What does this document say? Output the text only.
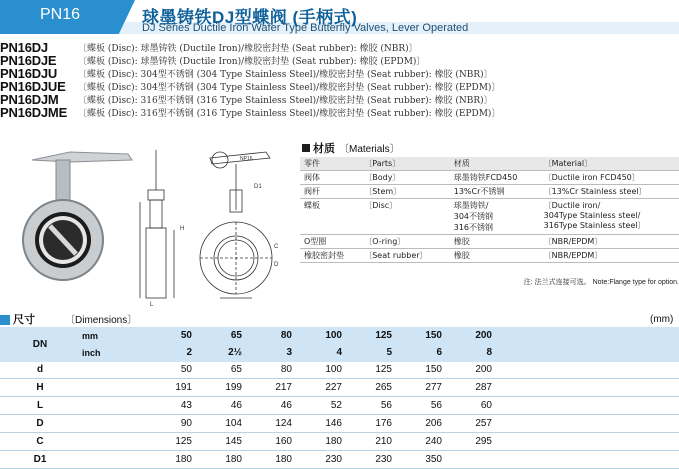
PN16	球墨铸铁DJ型蝶阀 (手柄式)
DJ Series Ductile Iron Wafer Type Butterfly Valves, Lever Operated
PN16DJ	〔蝶板 (Disc): 球墨铸铁 (Ductile Iron)/橡胶密封垫 (Seat rubber): 橡胶 (NBR)〕
PN16DJE 〔蝶板 (Disc): 球墨铸铁 (Ductile Iron)/橡胶密封垫 (Seat rubber): 橡胶 (EPDM)〕
PN16DJU 〔蝶板 (Disc): 304型不锈钢 (304 Type Stainless Steel)/橡胶密封垫 (Seat rubber): 橡胶 (NBR)〕
PN16DJUE 〔蝶板 (Disc): 304型不锈钢 (304 Type Stainless Steel)/橡胶密封垫 (Seat rubber): 橡胶 (EPDM)〕
PN16DJM 〔蝶板 (Disc): 316型不锈钢 (316 Type Stainless Steel)/橡胶密封垫 (Seat rubber): 橡胶 (NBR)〕
PN16DJME 〔蝶板 (Disc): 316型不锈钢 (316 Type Stainless Steel)/橡胶密封垫 (Seat rubber): 橡胶 (EPDM)〕
NP16
D1
H
L
C
D
材质 〔Materials〕
零件	〔Parts〕	材质	〔Material〕
阀体	〔Body〕	球墨铸铁FCD450	〔Ductile iron FCD450〕
阀杆	〔Stem〕	13%Cr不锈钢	〔13%Cr Stainless steel〕
蝶板	〔Disc〕	球墨铸铁/
304不锈钢
316不锈钢	〔Ductile iron/
304Type Stainless steel/
316Type Stainless steel〕
O型圈	〔O-ring〕	橡胶	〔NBR/EPDM〕
橡胶密封垫	〔Seat rubber〕	橡胶	〔NBR/EPDM〕
注: 法兰式连接可选。 Note:Flange type for option.
尺寸	〔Dimensions〕	(mm)
DN	mm	50	65	80	100	125	150	200	
	inch	2	2½	3	4	5	6	8	
d		50	65	80	100	125	150	200	
H		191	199	217	227	265	277	287	
L		43	46	46	52	56	56	60	
D		90	104	124	146	176	206	257	
C		125	145	160	180	210	240	295	
D1		180	180	180	230	230	350		
